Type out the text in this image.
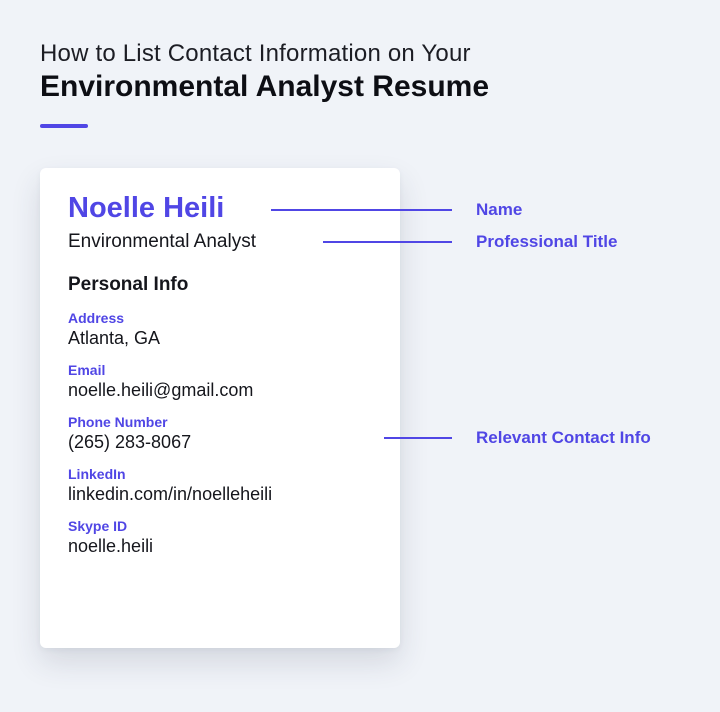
How to List Contact Information on Your
Environmental Analyst Resume
Noelle Heili
Environmental Analyst
Personal Info
Address
Atlanta, GA
Email
noelle.heili@gmail.com
Phone Number
(265) 283-8067
LinkedIn
linkedin.com/in/noelleheili
Skype ID
noelle.heili
Name
Professional Title
Relevant Contact Info
